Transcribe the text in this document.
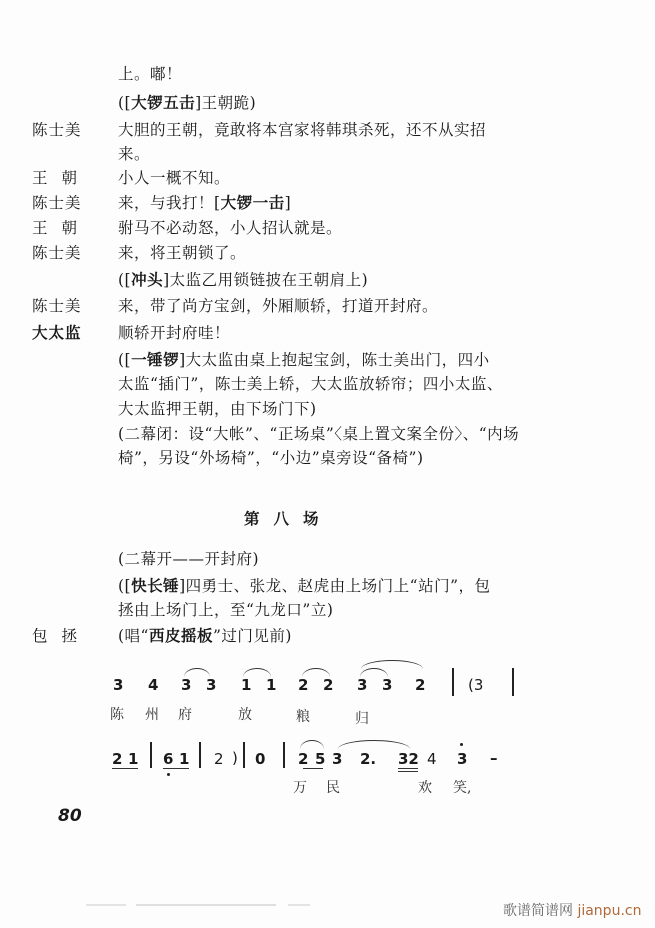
上。嘟！
([大锣五击]王朝跪)
陈士美 大胆的王朝，竟敢将本宫家将韩琪杀死，还不从实招
来。
王朝 小人一概不知。
陈士美 来，与我打！[大锣一击]
王朝 驸马不必动怒，小人招认就是。
陈士美 来，将王朝锁了。
([冲头]太监乙用锁链披在王朝肩上)
陈士美 来，带了尚方宝剑，外厢顺轿，打道开封府。
大太监 顺轿开封府哇！
([一锤锣]大太监由桌上抱起宝剑，陈士美出门，四小
太监“插门”，陈士美上轿，大太监放轿帘；四小太监、
大太监押王朝，由下场门下)
(二幕闭：设“大帐”、“正场桌”〈桌上置文案全份〉、“内场
椅”，另设“外场椅”，“小边”桌旁设“备椅”)
第八场
(二幕开——开封府)
([快长锤]四勇士、张龙、赵虎由上场门上“站门”，包
拯由上场门上，至“九龙口”立)
包拯 (唱“西皮摇板”过门见前)
3 4 3 3 1 1 2 2 3 3 2	(3
陈 州 府	放	粮	归
2 1 6 1 2 ) 0 2 5 3 2. 32 4 3 –
万 民	欢 笑,
80
歌谱简谱网 jianpu.cn
